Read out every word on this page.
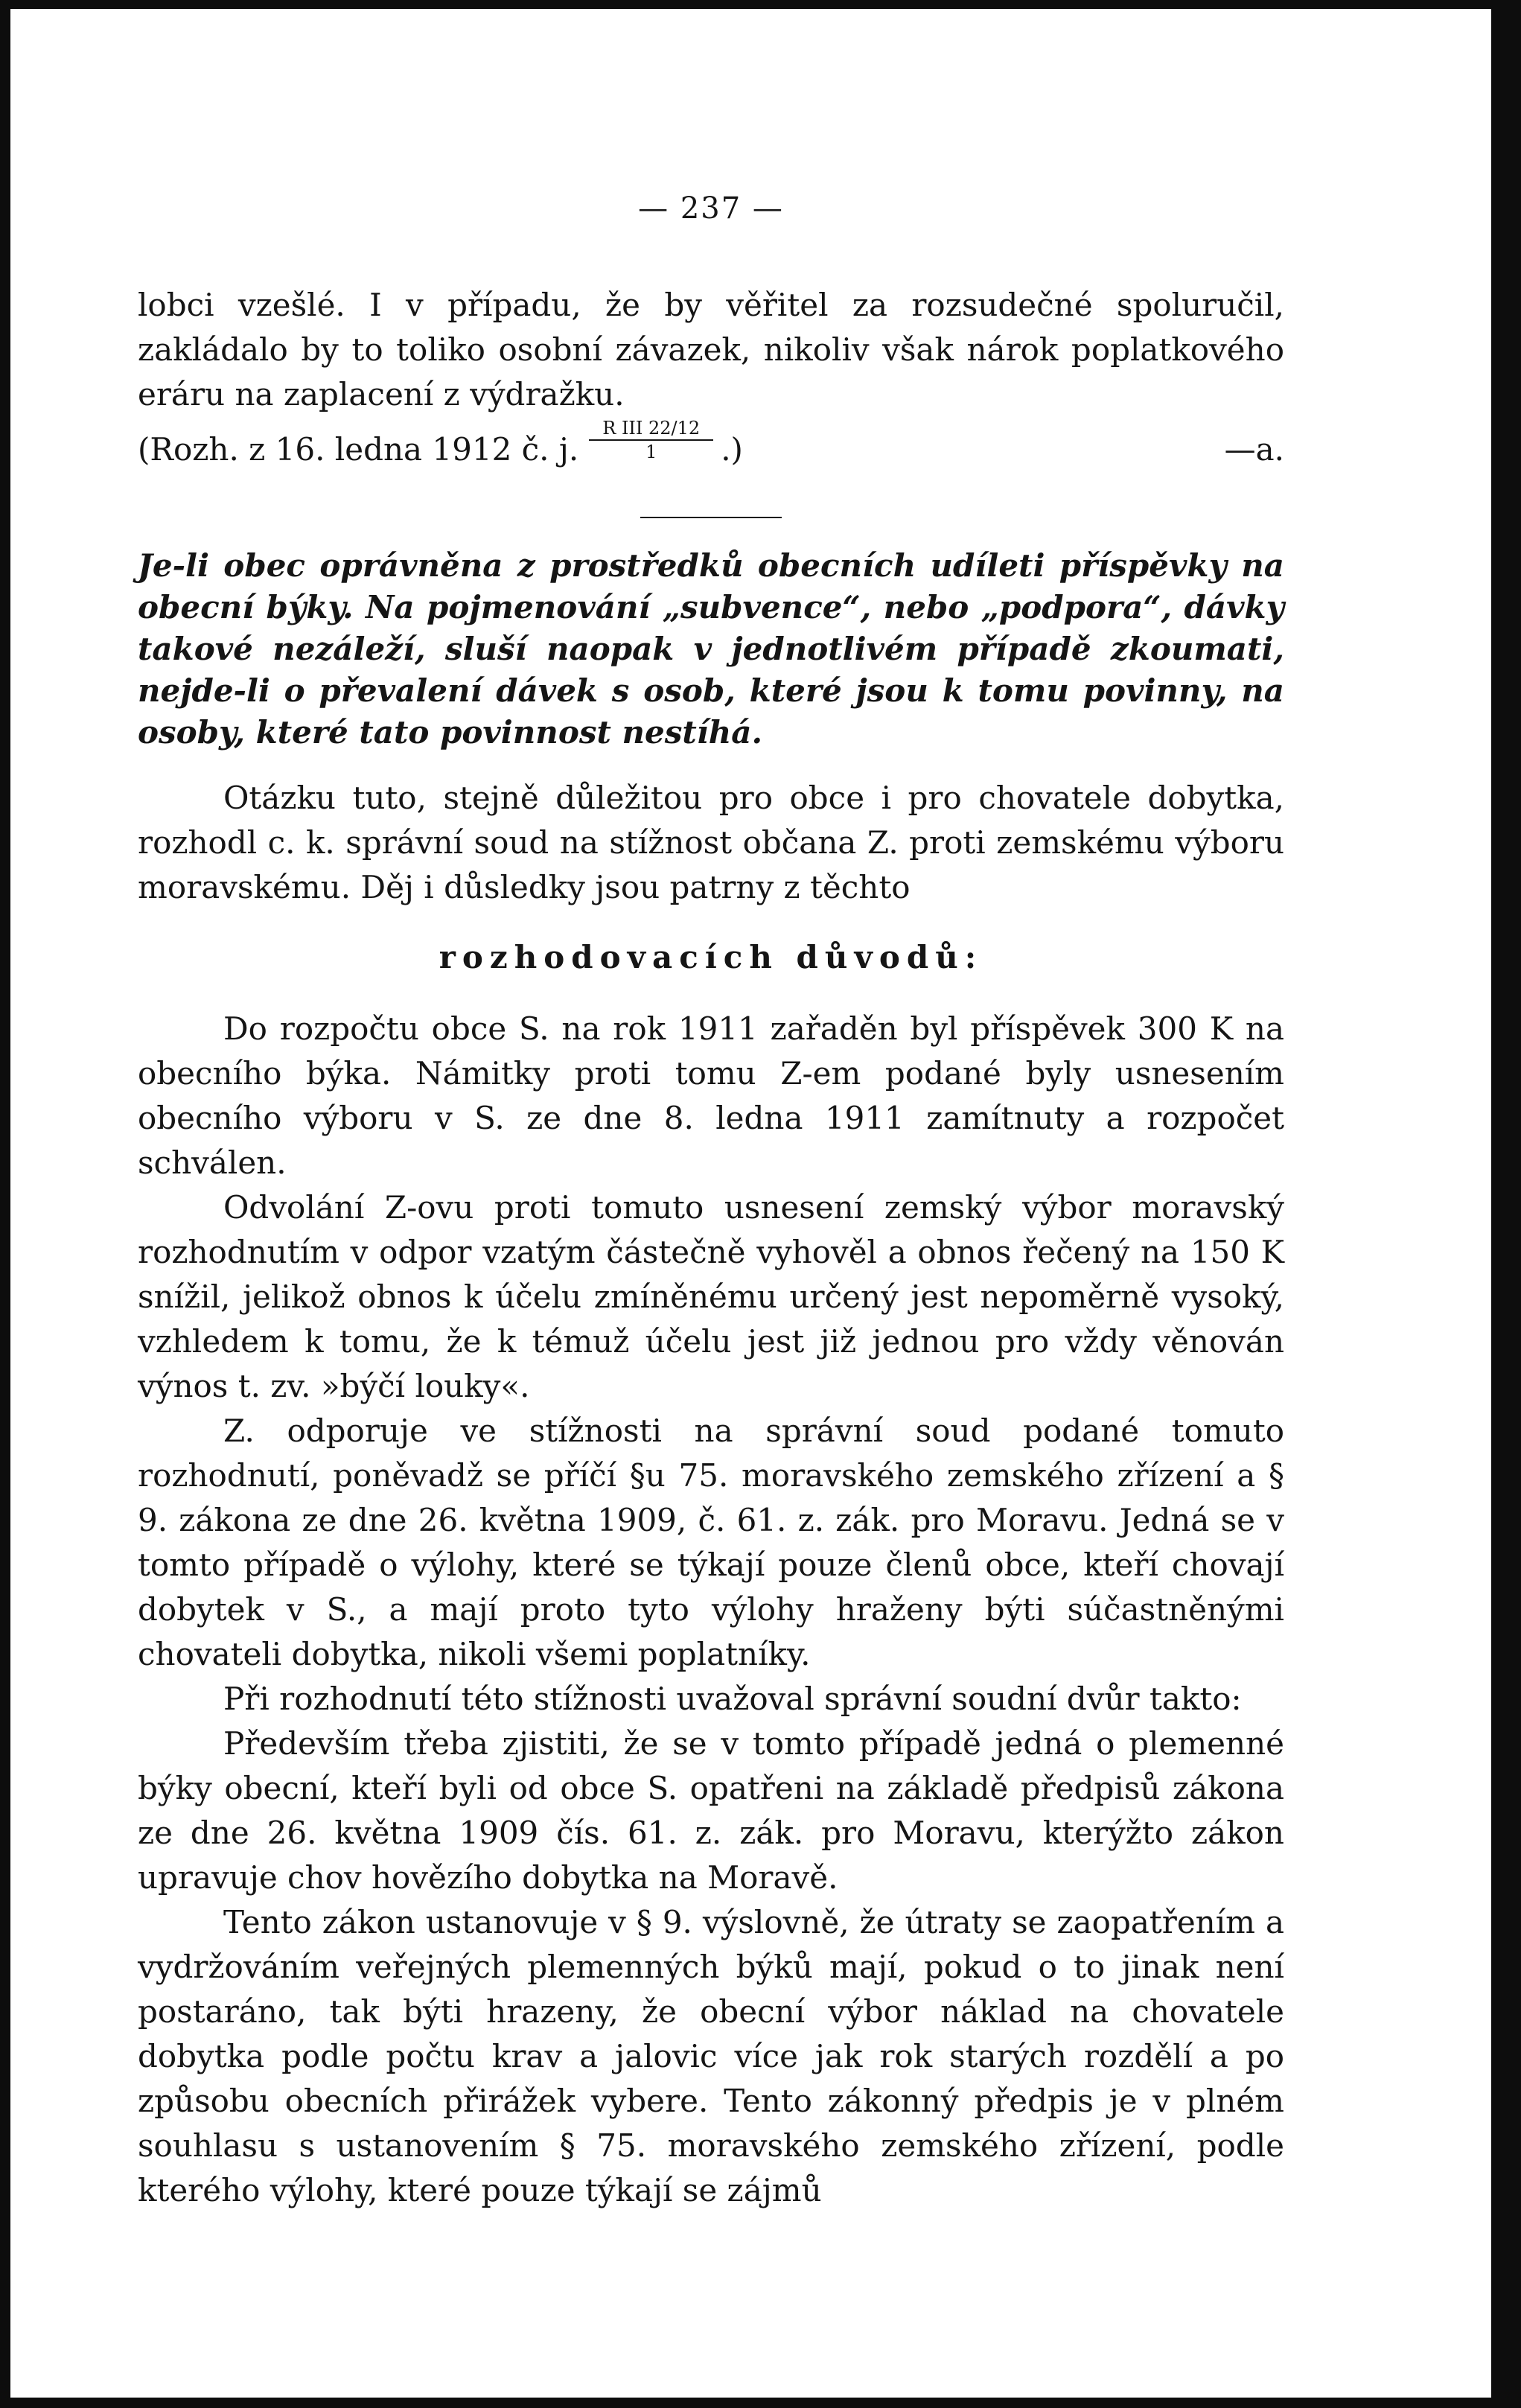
— 237 —

lobci vzešlé. I v případu, že by věřitel za rozsudečné spoluručil, zakládalo by to toliko osobní závazek, nikoliv však nárok poplatkového eráru na zaplacení z výdražku.

(Rozh. z 16. ledna 1912 č. j. $\frac{\text{R III 22/12}}{1}$ .)	—a.

Je-li obec oprávněna z prostředků obecních udíleti příspěvky na obecní býky. Na pojmenování „subvence“, nebo „podpora“, dávky takové nezáleží, sluší naopak v jednotlivém případě zkoumati, nejde-li o převalení dávek s osob, které jsou k tomu povinny, na osoby, které tato povinnost nestíhá.

Otázku tuto, stejně důležitou pro obce i pro chovatele dobytka, rozhodl c. k. správní soud na stížnost občana Z. proti zemskému výboru moravskému. Děj i důsledky jsou patrny z těchto

rozhodovacích důvodů:

Do rozpočtu obce S. na rok 1911 zařaděn byl příspěvek 300 K na obecního býka. Námitky proti tomu Z-em podané byly usnesením obecního výboru v S. ze dne 8. ledna 1911 zamítnuty a rozpočet schválen.

Odvolání Z-ovu proti tomuto usnesení zemský výbor moravský rozhodnutím v odpor vzatým částečně vyhověl a obnos řečený na 150 K snížil, jelikož obnos k účelu zmíněnému určený jest nepoměrně vysoký, vzhledem k tomu, že k témuž účelu jest již jednou pro vždy věnován výnos t. zv. »býčí louky«.

Z. odporuje ve stížnosti na správní soud podané tomuto rozhodnutí, poněvadž se příčí §u 75. moravského zemského zřízení a § 9. zákona ze dne 26. května 1909, č. 61. z. zák. pro Moravu. Jedná se v tomto případě o výlohy, které se týkají pouze členů obce, kteří chovají dobytek v S., a mají proto tyto výlohy hraženy býti súčastněnými chovateli dobytka, nikoli všemi poplatníky.

Při rozhodnutí této stížnosti uvažoval správní soudní dvůr takto:

Především třeba zjistiti, že se v tomto případě jedná o plemenné býky obecní, kteří byli od obce S. opatřeni na základě předpisů zákona ze dne 26. května 1909 čís. 61. z. zák. pro Moravu, kterýžto zákon upravuje chov hovězího dobytka na Moravě.

Tento zákon ustanovuje v § 9. výslovně, že útraty se zaopatřením a vydržováním veřejných plemenných býků mají, pokud o to jinak není postaráno, tak býti hrazeny, že obecní výbor náklad na chovatele dobytka podle počtu krav a jalovic více jak rok starých rozdělí a po způsobu obecních přirážek vybere. Tento zákonný předpis je v plném souhlasu s ustanovením § 75. moravského zemského zřízení, podle kterého výlohy, které pouze týkají se zájmů
